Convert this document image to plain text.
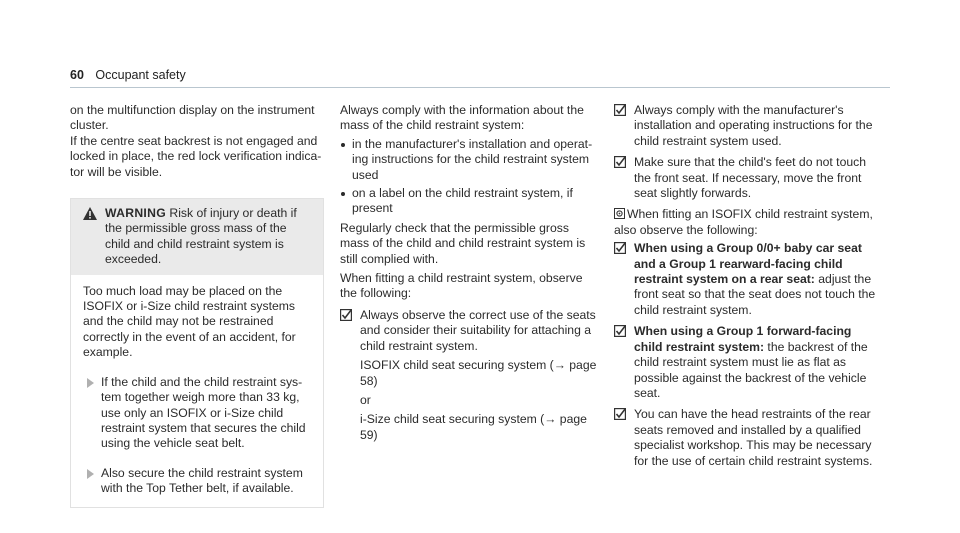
60 Occupant safety

on the multifunction display on the instrument cluster.

If the centre seat backrest is not engaged and locked in place, the red lock verification indicator will be visible.

WARNING Risk of injury or death if the permissible gross mass of the child and child restraint system is exceeded.

Too much load may be placed on the ISOFIX or i-Size child restraint systems and the child may not be restrained correctly in the event of an accident, for example.

If the child and the child restraint system together weigh more than 33 kg, use only an ISOFIX or i-Size child restraint system that secures the child using the vehicle seat belt.
Also secure the child restraint system with the Top Tether belt, if available.

Always comply with the information about the mass of the child restraint system:

in the manufacturer's installation and operating instructions for the child restraint system used
on a label on the child restraint system, if present

Regularly check that the permissible gross mass of the child and child restraint system is still complied with.

When fitting a child restraint system, observe the following:

Always observe the correct use of the seats and consider their suitability for attaching a child restraint system.

ISOFIX child seat securing system (→ page 58)

or

i-Size child seat securing system (→ page 59)

Always comply with the manufacturer's installation and operating instructions for the child restraint system used.

Make sure that the child's feet do not touch the front seat. If necessary, move the front seat slightly forwards.

When fitting an ISOFIX child restraint system, also observe the following:

When using a Group 0/0+ baby car seat and a Group 1 rearward-facing child restraint system on a rear seat: adjust the front seat so that the seat does not touch the child restraint system.

When using a Group 1 forward-facing child restraint system: the backrest of the child restraint system must lie as flat as possible against the backrest of the vehicle seat.

You can have the head restraints of the rear seats removed and installed by a qualified specialist workshop. This may be necessary for the use of certain child restraint systems.
